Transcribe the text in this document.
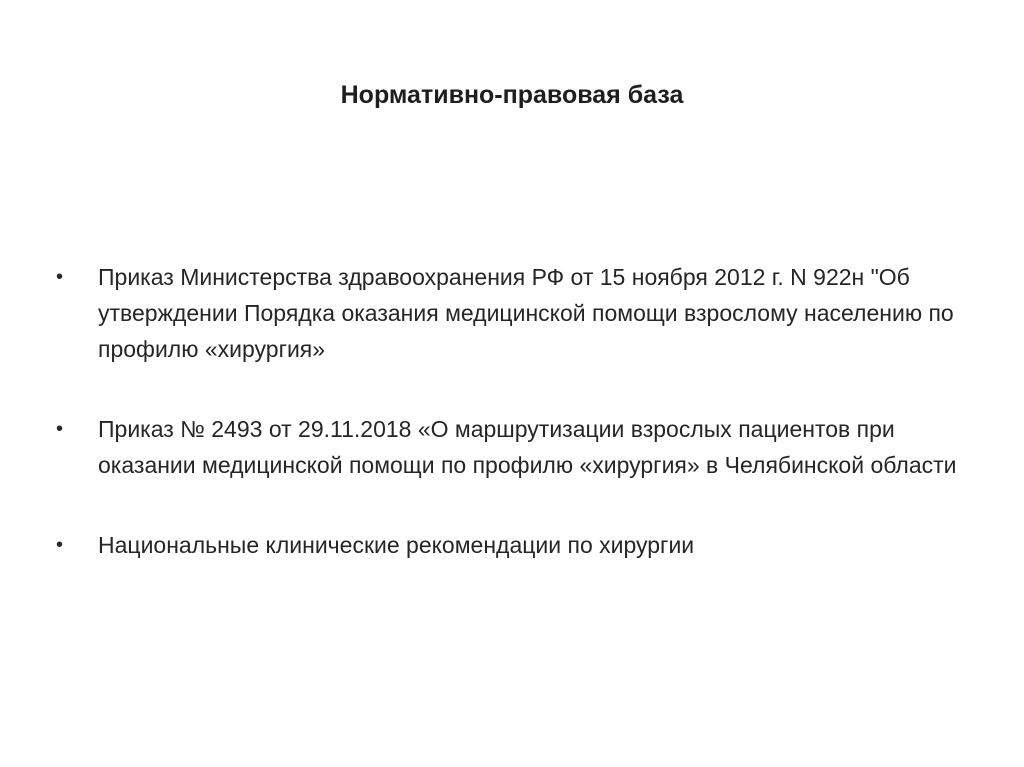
Нормативно-правовая база
•	Приказ Министерства здравоохранения РФ от 15 ноября 2012 г. N 922н "Об утверждении Порядка оказания медицинской помощи взрослому населению по профилю «хирургия»
•	Приказ № 2493 от 29.11.2018 «О маршрутизации взрослых пациентов при оказании медицинской помощи по профилю «хирургия» в Челябинской области
•	Национальные клинические рекомендации по хирургии
